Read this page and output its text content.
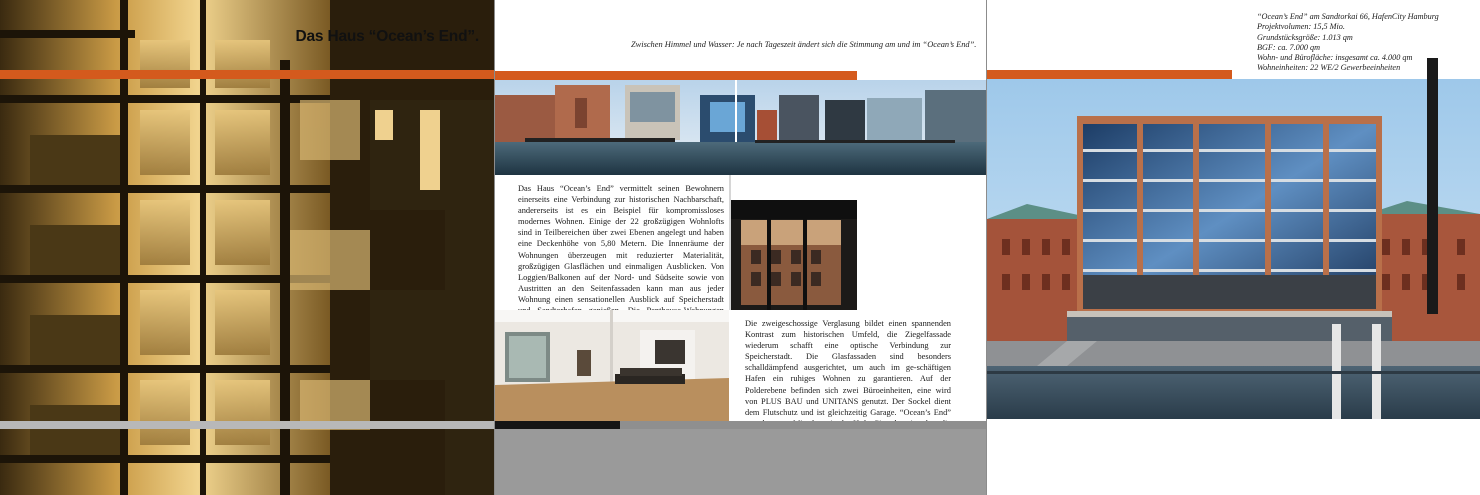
Das Haus “Ocean’s End”.	Zwischen Himmel und Wasser: Je nach Tageszeit ändert sich die Stimmung am und im “Ocean’s End”.

Das Haus “Ocean’s End” vermittelt seinen Bewohnern einerseits eine Verbindung zur historischen Nachbarschaft, andererseits ist es ein Beispiel für kompromissloses modernes Wohnen. Einige der 22 großzügigen Wohnlofts sind in Teilbereichen über zwei Ebenen angelegt und haben eine Deckenhöhe von 5,80 Metern. Die Innenräume der Wohnungen überzeugen mit reduzierter Materialität, großzügigen Glasflächen und einmaligen Ausblicken. Von Loggien/Balkonen auf der Nord- und Südseite sowie von Austritten an den Seitenfassaden kann man aus jeder Wohnung einen sensationellen Ausblick auf Speicherstadt

Die zweigeschossige Verglasung bildet einen spannenden Kontrast zum historischen Umfeld, die Ziegelfassade wiederum schafft eine optische Verbindung zur Speicherstadt. Die Glasfassaden sind besonders schalldämpfend ausgerichtet, um auch im ge-schäftigen Hafen ein ruhiges Wohnen zu garantieren. Auf der Polderebene befinden sich zwei Büroeinheiten, eine wird von PLUS BAU und UNITANS genutzt. Der Sockel dient dem Flutschutz und ist gleichzeitig Garage. “Ocean’s End”

“Ocean’s End” am Sandtorkai 66, HafenCity Hamburg
Projektvolumen: 15,5 Mio.
Grundstücksgröße: 1.013 qm
BGF: ca. 7.000 qm
Wohn- und Bürofläche: insgesamt ca. 4.000 qm
Wohneinheiten: 22 WE/2 Gewerbeeinheiten
